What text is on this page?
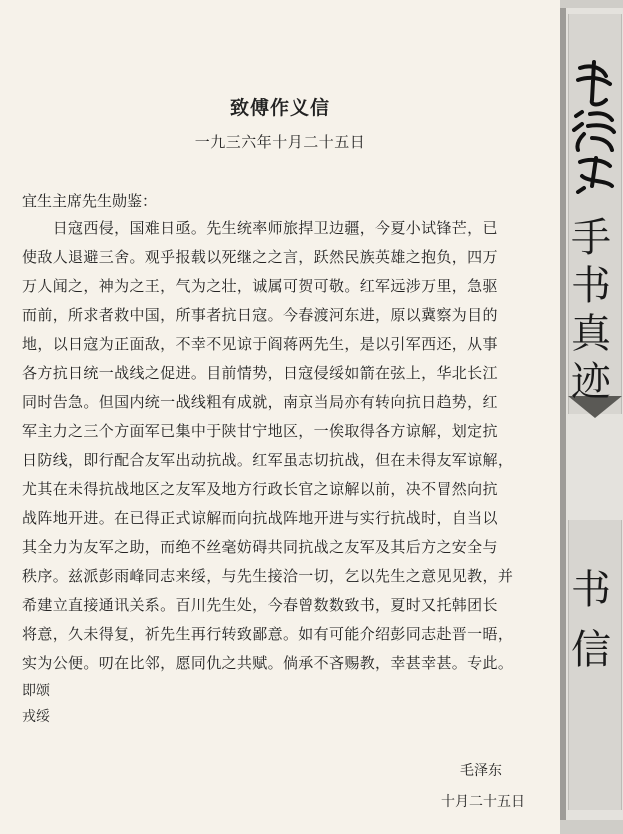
致傅作义信
一九三六年十月二十五日
宜生主席先生勋鉴：
　　日寇西侵，国难日亟。先生统率师旅捍卫边疆，今夏小试锋芒，已
使敌人退避三舍。观乎报载以死继之之言，跃然民族英雄之抱负，四万
万人闻之，神为之王，气为之壮，诚属可贺可敬。红军远涉万里，急驱
而前，所求者救中国，所事者抗日寇。今春渡河东进，原以冀察为目的
地，以日寇为正面敌，不幸不见谅于阎蒋两先生，是以引军西还，从事
各方抗日统一战线之促进。目前情势，日寇侵绥如箭在弦上，华北长江
同时告急。但国内统一战线粗有成就，南京当局亦有转向抗日趋势，红
军主力之三个方面军已集中于陕甘宁地区，一俟取得各方谅解，划定抗
日防线，即行配合友军出动抗战。红军虽志切抗战，但在未得友军谅解，
尤其在未得抗战地区之友军及地方行政长官之谅解以前，决不冒然向抗
战阵地开进。在已得正式谅解而向抗战阵地开进与实行抗战时，自当以
其全力为友军之助，而绝不丝毫妨碍共同抗战之友军及其后方之安全与
秩序。兹派彭雨峰同志来绥，与先生接洽一切，乞以先生之意见见教，并
希建立直接通讯关系。百川先生处，今春曾数数致书，夏时又托韩团长
将意，久未得复，祈先生再行转致鄙意。如有可能介绍彭同志赴晋一晤，
实为公便。叨在比邻，愿同仇之共赋。倘承不吝赐教，幸甚幸甚。专此。
即颂
戎绥
毛泽东
十月二十五日
手
书
真
迹
书
信
